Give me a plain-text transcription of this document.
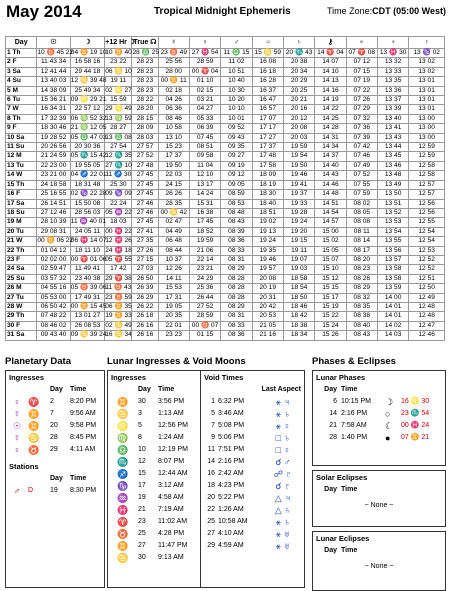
May 2014	Tropical Midnight Ephemeris	Time Zone:CDT (05:00 West)
Day	☉	☽	+12 Hr ☽	True ☊	☿	♀	♂	♃	♄	⚷	♅	♆	♇
1 Th	10 ♉ 45 22	04 ♊ 19 10	10 ♊ 40	28 ♎ 25	23 ♉ 49	27 ♓ 54	11 ♎ 15	15 ♋ 59	20 ♏ 43	14 ♈ 04	07 ♈ 08	13 ♓ 30	13 ♑ 02
2 F	11 43 34	16 58 16	23 22	28 23	25 56	28 59	11 02	16 08	20 38	14 07	07 12	13 32	13 02
3 Sa	12 41 44	29 44 18	06 ♋ 10	28 23	28 00	00 ♈ 04	10 51	16 18	20 34	14 10	07 15	13 33	13 02
4 Su	13 40 03	12 ♋ 39 48	19 11	28 23	00 ♊ 11	01 10	10 40	16 28	20 29	14 13	07 19	13 35	13 01
5 M	14 38 09	25 49 34	02 ♌ 27	28 23	02 18	02 15	10 30	16 37	20 25	14 16	07 22	13 36	13 01
6 Tu	15 36 21	09 ♌ 29 21	15 59	28 22	04 26	03 21	10 20	16 47	20 21	14 19	07 26	13 37	13 01
7 W	16 34 31	22 57 12	29 ♌ 49	28 20	06 36	04 27	10 10	16 57	20 16	14 22	07 29	13 39	13 01
8 Th	17 32 39	06 ♍ 52 32	13 ♍ 59	28 15	08 46	05 33	10 01	17 07	20 12	14 25	07 32	13 40	13 00
9 F	18 30 46	21 ♍ 12 05	28 27	28 09	10 58	06 39	09 52	17 17	20 08	14 28	07 36	13 41	13 00
10 Sa	19 28 52	05 ♎ 47 03	13 ♎ 08	28 03	13 10	07 45	09 43	17 27	20 03	14 31	07 39	13 43	13 00
11 Su	20 26 56	20 30 36	27 54	27 57	15 23	08 51	09 35	17 37	19 59	14 34	07 42	13 44	12 59
12 M	21 24 59	05 ♏ 15 42	12 ♏ 35	27 52	17 37	09 58	09 27	17 48	19 54	14 37	07 46	13 45	12 59
13 Tu	22 23 00	19 55 05	27 ♏ 10	27 48	19 50	11 04	09 19	17 58	19 50	14 40	07 49	13 46	12 58
14 W	23 21 00	04 ♐ 22 01	11 ♐ 30	27 45	22 03	12 10	09 12	18 09	19 46	14 43	07 52	13 48	12 58
15 Th	24 18 58	18 31 48	25 30	27 45	24 15	13 17	09 05	18 19	19 41	14 46	07 55	13 49	12 57
16 F	25 16 55	02 ♑ 22 28	09 ♑ 09	27 45	26 26	14 24	08 59	18 30	19 37	14 48	07 59	13 50	12 57
17 Sa	26 14 51	15 50 08	22 24	27 46	28 35	15 31	08 53	18 40	19 33	14 51	08 02	13 51	12 56
18 Su	27 12 46	28 56 03	05 ♒ 22	27 46	00 ♋ 42	16 38	08 48	18 51	19 28	14 54	08 05	13 52	12 56
19 M	28 10 39	11 ♒ 40 01	18 03	27 45	02 47	17 45	08 43	19 02	19 24	14 57	08 08	13 53	12 55
20 Tu	29 08 31	24 05 11	00 ♓ 22	27 41	04 49	18 52	08 39	19 13	19 20	15 00	08 11	13 54	12 54
21 W	00 ♊ 06 22	06 ♓ 14 07	12 ♓ 26	27 35	06 48	19 59	08 36	19 24	19 15	15 02	08 14	13 55	12 54
22 Th	01 04 12	18 11 10	24 ♓ 18	27 26	08 44	21 06	08 33	19 35	19 11	15 05	08 17	13 56	12 53
23 F	02 02 00	00 ♈ 01 06	05 ♈ 55	27 15	10 37	22 14	08 31	19 46	19 07	15 07	08 20	13 57	12 52
24 Sa	02 59 47	11 49 41	17 42	27 03	12 26	23 21	08 29	19 57	19 03	15 10	08 23	13 58	12 52
25 Su	03 57 32	23 40 38	29 ♈ 38	26 50	14 11	24 29	08 28	20 08	18 58	15 12	08 26	13 58	12 51
26 M	04 55 16	05 ♉ 39 06	11 ♉ 43	26 39	15 53	25 36	08 28	20 19	18 54	15 15	08 29	13 59	12 50
27 Tu	05 53 00	17 49 31	23 ♉ 59	26 29	17 31	26 44	08 28	20 31	18 50	15 17	08 32	14 00	12 49
28 W	06 50 42	00 ♊ 15 45	06 ♊ 35	26 22	19 05	27 52	08 29	20 42	18 46	15 19	08 35	14 01	12 48
29 Th	07 48 22	13 01 27	19 ♊ 33	26 18	20 35	28 59	08 31	20 53	18 42	15 22	08 38	14 01	12 48
30 F	08 46 02	26 08 53	02 ♋ 49	26 16	22 01	00 ♉ 07	08 33	21 05	18 38	15 24	08 40	14 02	12 47
31 Sa	09 43 40	09 ♋ 39 24	16 ♋ 34	26 16	23 23	01 15	08 36	21 16	18 34	15 26	08 43	14 03	12 46
Planetary Data
Ingresses
Day	Time
♀ ♈	2	8:20 PM
☿ ♊	7	9:56 AM
☉ ♊	20	9:58 PM
☿ ♋	28	8:45 PM
♀ ♉	29	4:11 AM
Stations
Day	Time
♂	D	19	8:30 PM
Lunar Ingresses & Void Moons
Ingresses
Day	Time
♊	30	3:56 PM
♋	3	1:13 AM
♌	5	12:56 PM
♍	8	1:24 AM
♎	10	12:19 PM
♏	12	8:07 PM
♐	15	12:44 AM
♑	17	3:12 AM
♒	19	4:58 AM
♓	21	7:19 AM
♈	23	11:02 AM
♉	25	4:28 PM
♊	27	11:47 PM
♋	30	9:13 AM
Void Times
Last Aspect
1 6:32 PM	⚹ ♃
5 3:46 AM	⚹ ♄
7 5:08 PM	⚹ ♀
9 5:06 PM	□ ♄
11 7:51 PM	□ ♀
14 2:16 PM	☌ ♂
16 2:42 AM	☍ ♇
18 4:23 PM	☌ ♇
20 5:22 PM	△ ♃
22 1:26 AM	△ ♄
25 10:58 AM	⚹ ♄
27 4:10 AM	⚹ ♅
29 4:59 AM	⚹ ♅
Phases & Eclipses
Lunar Phases
Day Time
6 10:15 PM	☽	16 ♌ 30
14 2:16 PM	○	23 ♏ 54
21 7:58 AM	☾	00 ♓ 24
28 1:40 PM	●	07 ♊ 21
Solar Eclipses
Day Time
~ None ~
Lunar Eclipses
Day Time
~ None ~
